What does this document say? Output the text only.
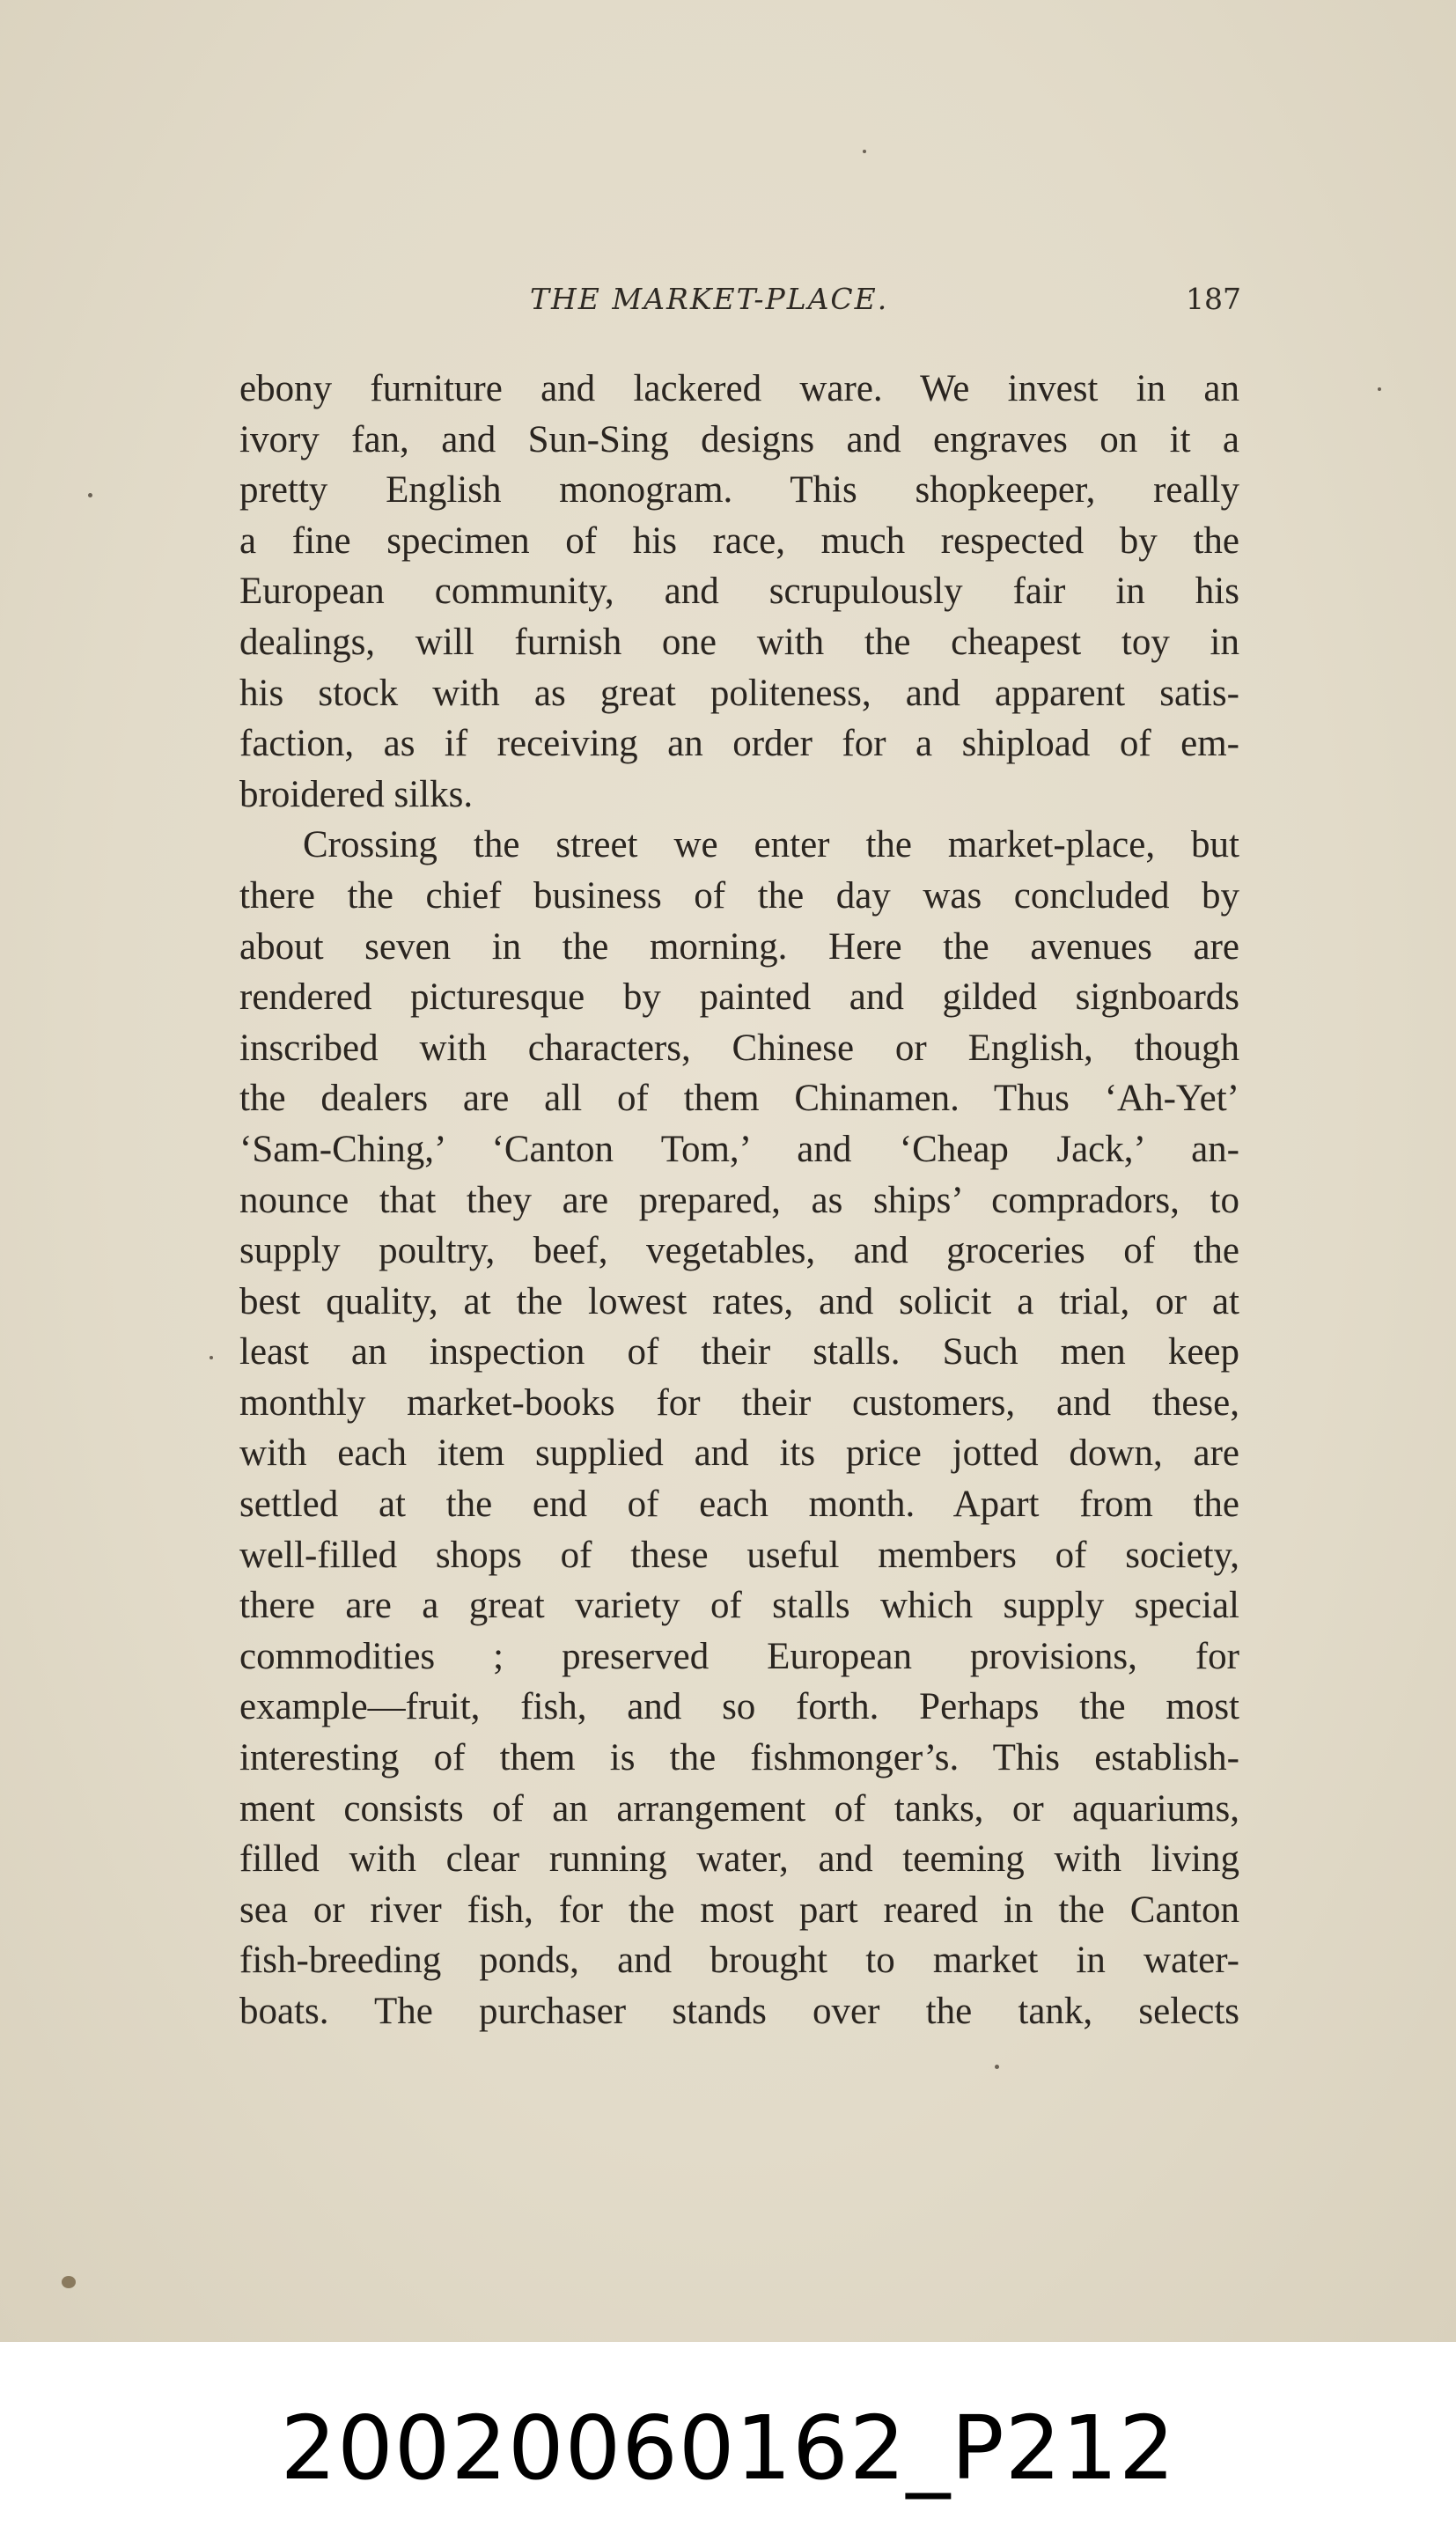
THE MARKET-PLACE.	187
ebony furniture and lackered ware. We invest in an
ivory fan, and Sun-Sing designs and engraves on it a
pretty English monogram. This shopkeeper, really
a fine specimen of his race, much respected by the
European community, and scrupulously fair in his
dealings, will furnish one with the cheapest toy in
his stock with as great politeness, and apparent satis-
faction, as if receiving an order for a shipload of em-
broidered silks.
Crossing the street we enter the market-place, but
there the chief business of the day was concluded by
about seven in the morning. Here the avenues are
rendered picturesque by painted and gilded signboards
inscribed with characters, Chinese or English, though
the dealers are all of them Chinamen. Thus ‘Ah-Yet’
‘Sam-Ching,’ ‘Canton Tom,’ and ‘Cheap Jack,’ an-
nounce that they are prepared, as ships’ compradors, to
supply poultry, beef, vegetables, and groceries of the
best quality, at the lowest rates, and solicit a trial, or at
least an inspection of their stalls. Such men keep
monthly market-books for their customers, and these,
with each item supplied and its price jotted down, are
settled at the end of each month. Apart from the
well-filled shops of these useful members of society,
there are a great variety of stalls which supply special
commodities ; preserved European provisions, for
example—fruit, fish, and so forth. Perhaps the most
interesting of them is the fishmonger’s. This establish-
ment consists of an arrangement of tanks, or aquariums,
filled with clear running water, and teeming with living
sea or river fish, for the most part reared in the Canton
fish-breeding ponds, and brought to market in water-
boats. The purchaser stands over the tank, selects
20020060162_P212
